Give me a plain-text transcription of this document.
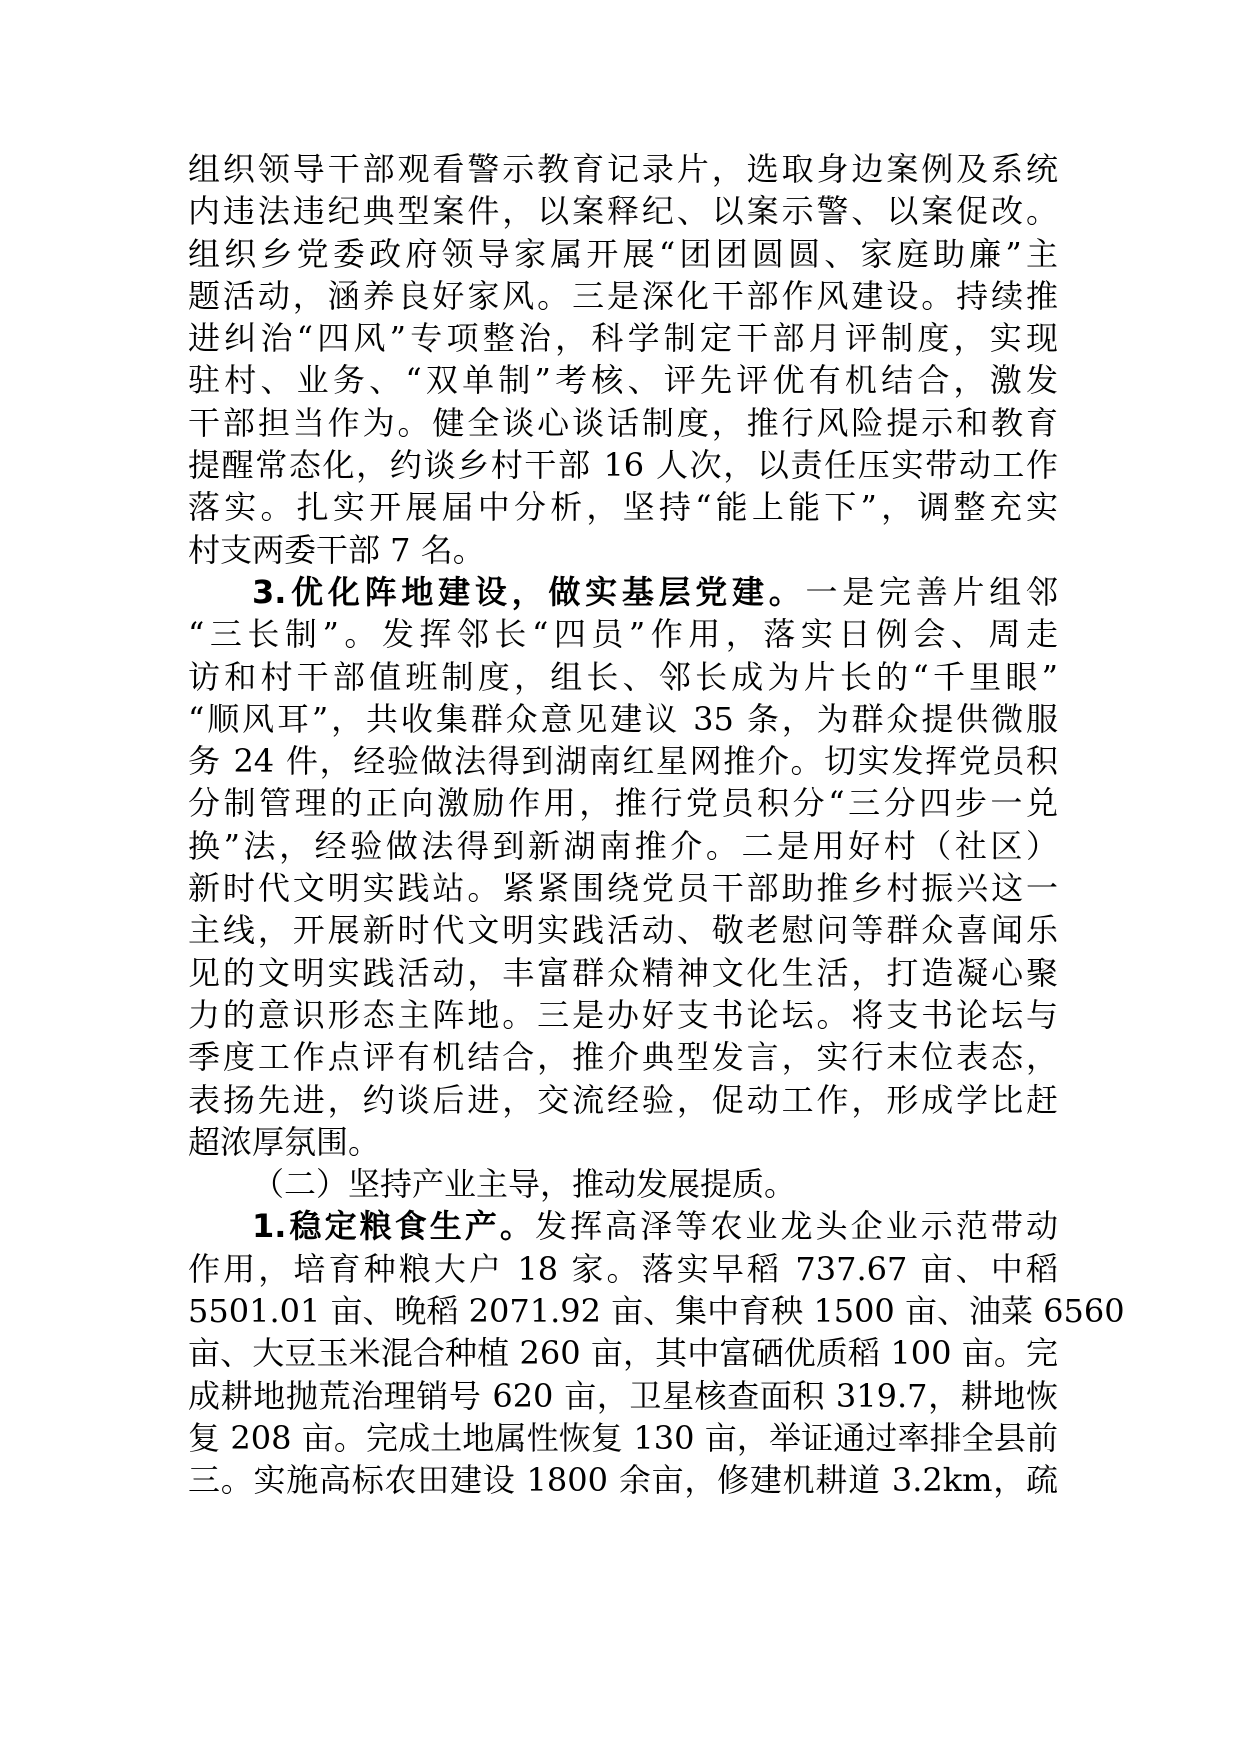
组织领导干部观看警示教育记录片，选取身边案例及系统
内违法违纪典型案件，以案释纪、以案示警、以案促改。
组织乡党委政府领导家属开展“团团圆圆、家庭助廉”主
题活动，涵养良好家风。三是深化干部作风建设。持续推
进纠治“四风”专项整治，科学制定干部月评制度，实现
驻村、业务、“双单制”考核、评先评优有机结合，激发
干部担当作为。健全谈心谈话制度，推行风险提示和教育
提醒常态化，约谈乡村干部 16 人次，以责任压实带动工作
落实。扎实开展届中分析，坚持“能上能下”，调整充实
村支两委干部 7 名。
3.优化阵地建设，做实基层党建。一是完善片组邻
“三长制”。发挥邻长“四员”作用，落实日例会、周走
访和村干部值班制度，组长、邻长成为片长的“千里眼”
“顺风耳”，共收集群众意见建议 35 条，为群众提供微服
务 24 件，经验做法得到湖南红星网推介。切实发挥党员积
分制管理的正向激励作用，推行党员积分“三分四步一兑
换”法，经验做法得到新湖南推介。二是用好村（社区）
新时代文明实践站。紧紧围绕党员干部助推乡村振兴这一
主线，开展新时代文明实践活动、敬老慰问等群众喜闻乐
见的文明实践活动，丰富群众精神文化生活，打造凝心聚
力的意识形态主阵地。三是办好支书论坛。将支书论坛与
季度工作点评有机结合，推介典型发言，实行末位表态，
表扬先进，约谈后进，交流经验，促动工作，形成学比赶
超浓厚氛围。
（二）坚持产业主导，推动发展提质。
1.稳定粮食生产。发挥高泽等农业龙头企业示范带动
作用，培育种粮大户 18 家。落实早稻 737.67 亩、中稻
5501.01 亩、晚稻 2071.92 亩、集中育秧 1500 亩、油菜 6560
亩、大豆玉米混合种植 260 亩，其中富硒优质稻 100 亩。完
成耕地抛荒治理销号 620 亩，卫星核查面积 319.7，耕地恢
复 208 亩。完成土地属性恢复 130 亩，举证通过率排全县前
三。实施高标农田建设 1800 余亩，修建机耕道 3.2km，疏
